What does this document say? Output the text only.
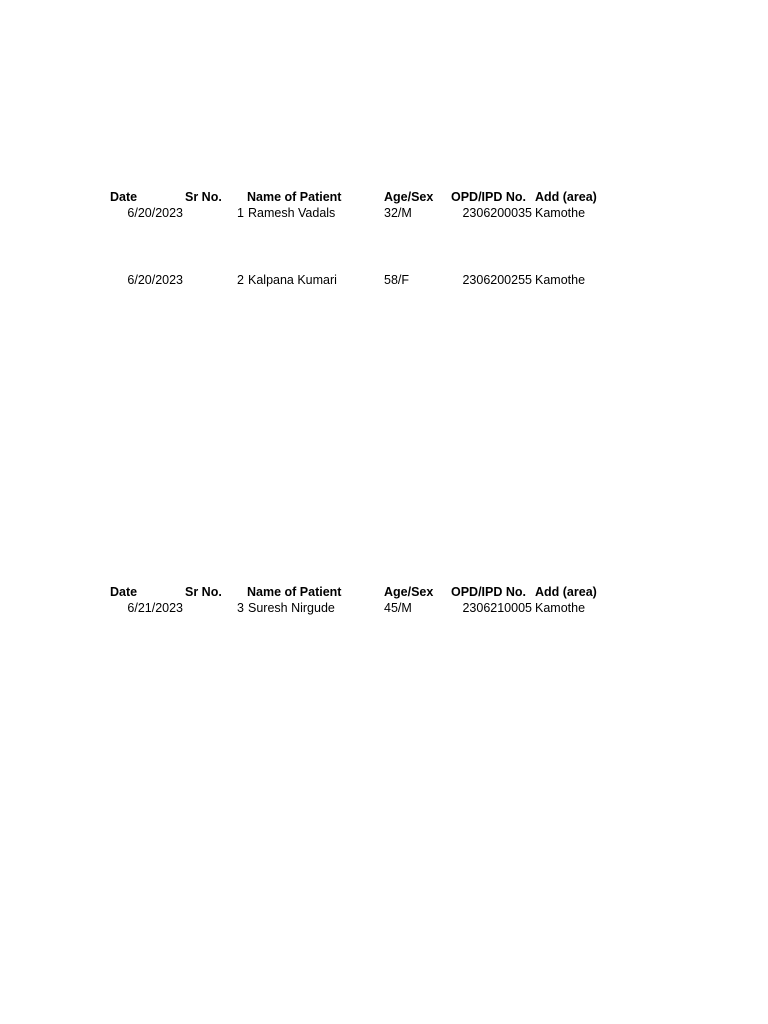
Date	Sr No. Name of Patient	Age/Sex OPD/IPD No. Add (area)
6/20/2023	1 Ramesh Vadals	32/M	2306200035 Kamothe
6/20/2023	2 Kalpana Kumari	58/F	2306200255 Kamothe
Date	Sr No. Name of Patient	Age/Sex OPD/IPD No. Add (area)
6/21/2023	3 Suresh Nirgude	45/M	2306210005 Kamothe
